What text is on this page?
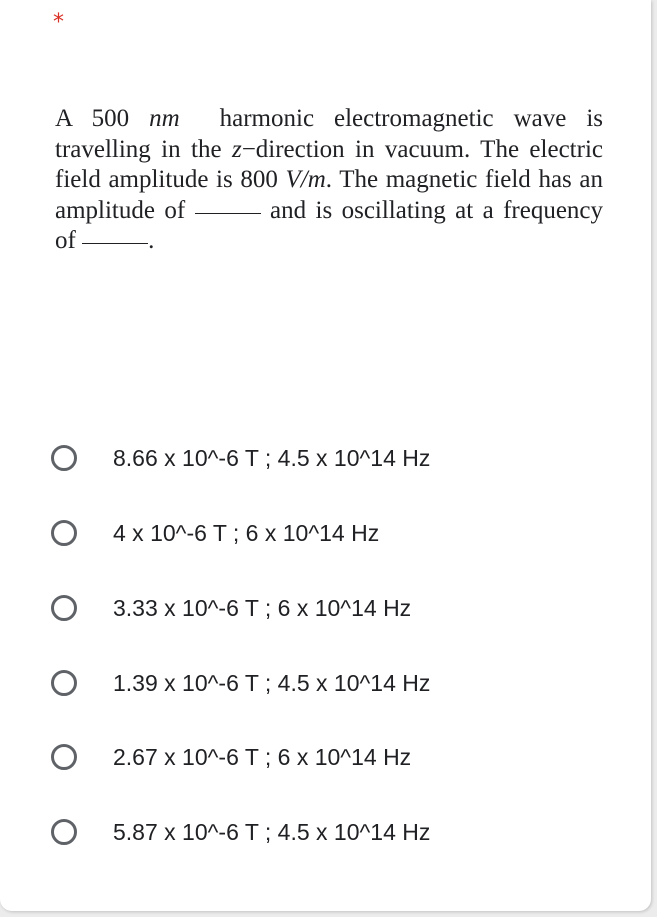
*
A 500 nm harmonic electromagnetic wave is travelling in the z−direction in vacuum. The electric field amplitude is 800 V/m. The magnetic field has an amplitude of	and is oscillating at a frequency of	.
8.66 x 10^-6 T ; 4.5 x 10^14 Hz
4 x 10^-6 T ; 6 x 10^14 Hz
3.33 x 10^-6 T ; 6 x 10^14 Hz
1.39 x 10^-6 T ; 4.5 x 10^14 Hz
2.67 x 10^-6 T ; 6 x 10^14 Hz
5.87 x 10^-6 T ; 4.5 x 10^14 Hz
